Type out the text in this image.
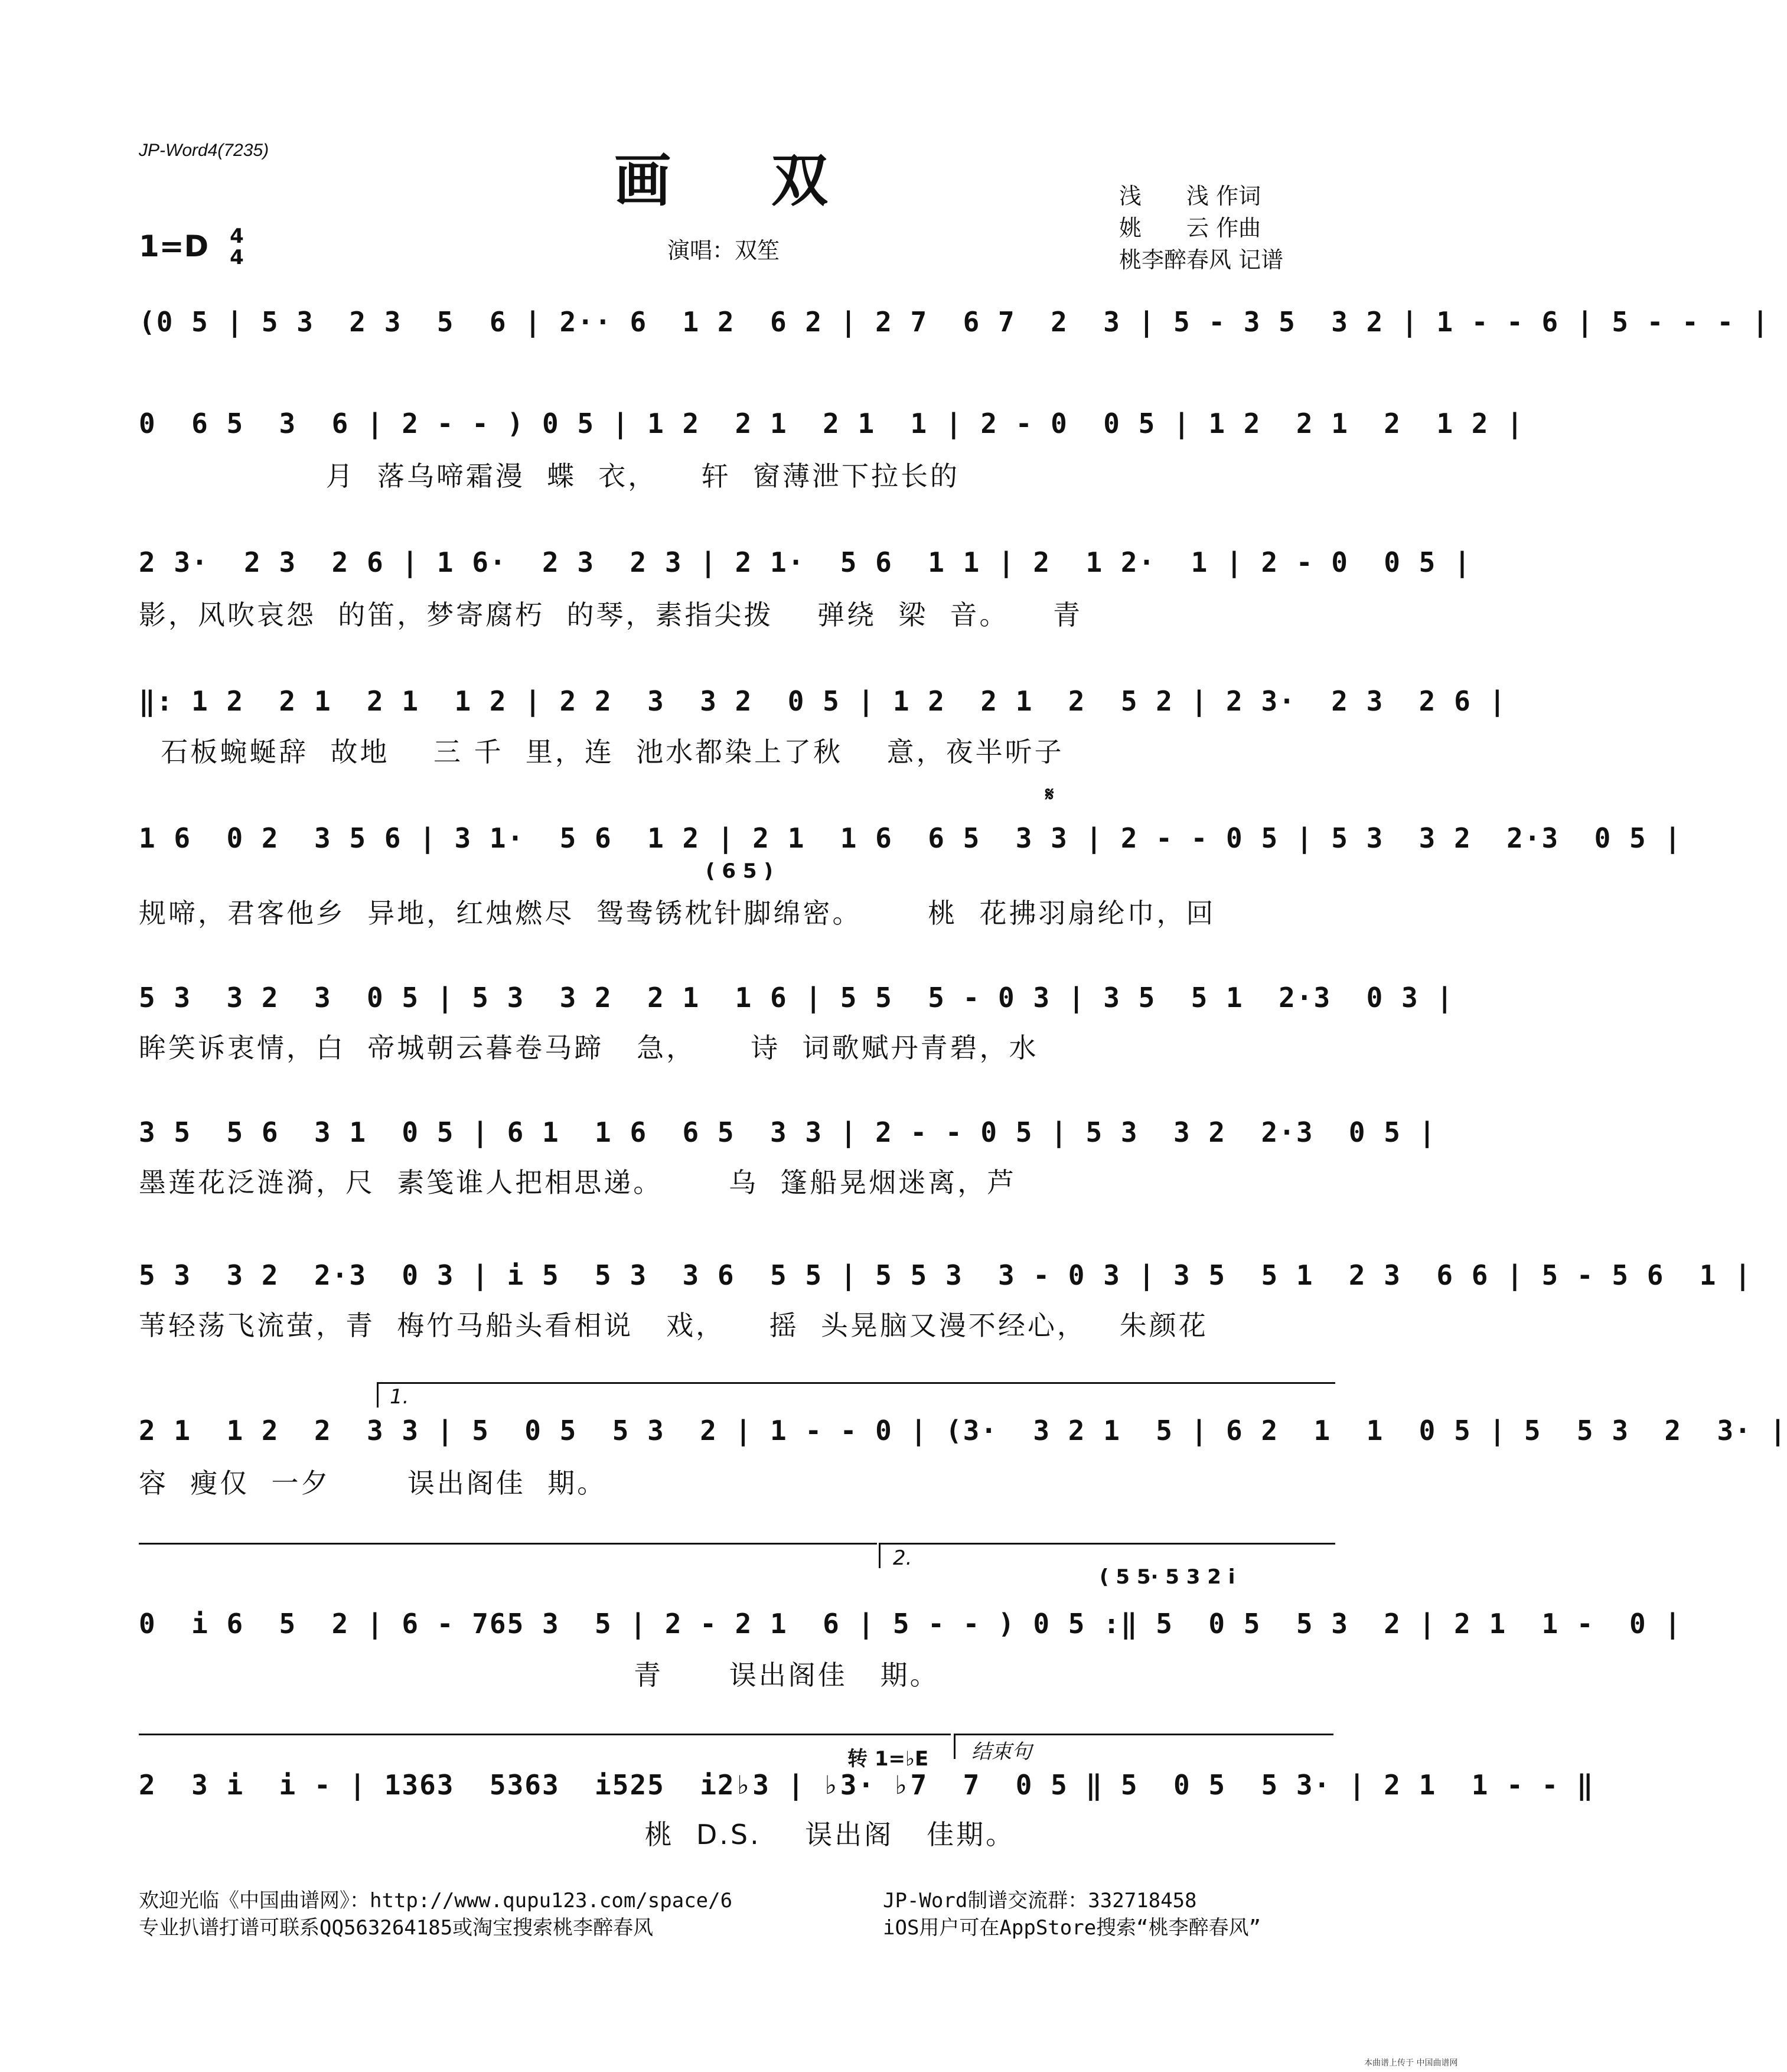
JP-Word4(7235)	画双
1=D 4
4	演唱：双笙
浅　　浅 作词
姚　　云 作曲
桃李醉春风 记谱
(0 5 | 5 3  2 3  5  6 | 2·· 6  1 2  6 2 | 2 7  6 7  2  3 | 5 - 3 5  3 2 | 1 - - 6 | 5 - - - |
0  6 5  3  6 | 2 - - ) 0 5 | 1 2  2 1  2 1  1 | 2 - 0  0 5 | 1 2  2 1  2  1 2 |
月  落乌啼霜漫  蝶  衣，    轩  窗薄泄下拉长的
2 3·  2 3  2 6 | 1 6·  2 3  2 3 | 2 1·  5 6  1 1 | 2  1 2·  1 | 2 - 0  0 5 |
影，风吹哀怨  的笛，梦寄腐朽  的琴，素指尖拨    弹绕  梁  音。    青
‖: 1 2  2 1  2 1  1 2 | 2 2  3  3 2  0 5 | 1 2  2 1  2  5 2 | 2 3·  2 3  2 6 |
石板蜿蜒辞  故地    三 千  里，连  池水都染上了秋    意，夜半听子
𝄋
1 6  0 2  3 5 6 | 3 1·  5 6  1 2 | 2 1  1 6  6 5  3 3 | 2 - - 0 5 | 5 3  3 2  2·3  0 5 |
( 6 5 )
规啼，君客他乡  异地，红烛燃尽  鸳鸯锈枕针脚绵密。      桃  花拂羽扇纶巾，回
5 3  3 2  3  0 5 | 5 3  3 2  2 1  1 6 | 5 5  5 - 0 3 | 3 5  5 1  2·3  0 3 |
眸笑诉衷情，白  帝城朝云暮卷马蹄   急，     诗  词歌赋丹青碧，水
3 5  5 6  3 1  0 5 | 6 1  1 6  6 5  3 3 | 2 - - 0 5 | 5 3  3 2  2·3  0 5 |
墨莲花泛涟漪，尺  素笺谁人把相思递。      乌  篷船晃烟迷离，芦
5 3  3 2  2·3  0 3 | i 5  5 3  3 6  5 5 | 5 5 3  3 - 0 3 | 3 5  5 1  2 3  6 6 | 5 - 5 6  1 |
苇轻荡飞流萤，青  梅竹马船头看相说   戏，    摇  头晃脑又漫不经心，   朱颜花
1.
2 1  1 2  2  3 3 | 5  0 5  5 3  2 | 1 - - 0 | (3·  3 2 1  5 | 6 2  1  1  0 5 | 5  5 3  2  3· |
容  瘦仅  一夕       误出阁佳  期。
2.
( 5 5· 5 3 2 i
0  i 6  5  2 | 6 - 765 3  5 | 2 - 2 1  6 | 5 - - ) 0 5 :‖ 5  0 5  5 3  2 | 2 1  1 -  0 |
青      误出阁佳   期。
结束句
转 1=♭E
2  3 i  i - | 1363  5363  i525  i2♭3 | ♭3· ♭7  7  0 5 ‖ 5  0 5  5 3· | 2 1  1 - - ‖
桃  D.S.    误出阁   佳期。
欢迎光临《中国曲谱网》：http://www.qupu123.com/space/6
专业扒谱打谱可联系QQ563264185或淘宝搜索桃李醉春风
JP-Word制谱交流群：332718458
iOS用户可在AppStore搜索“桃李醉春风”
本曲谱上传于 中国曲谱网
